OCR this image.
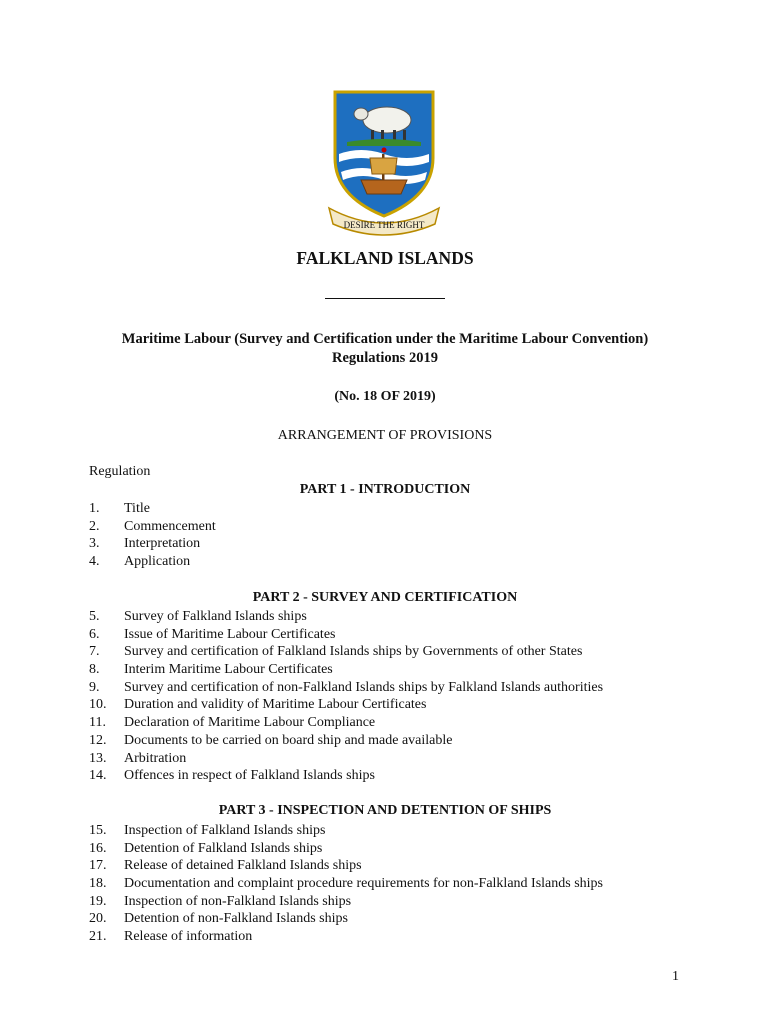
DESIRE THE RIGHT
FALKLAND ISLANDS
Maritime Labour (Survey and Certification under the Maritime Labour Convention)
Regulations 2019
(No. 18 OF 2019)
ARRANGEMENT OF PROVISIONS
Regulation
PART 1 - INTRODUCTION
1. Title
2. Commencement
3. Interpretation
4. Application
PART 2 - SURVEY AND CERTIFICATION
5. Survey of Falkland Islands ships
6. Issue of Maritime Labour Certificates
7. Survey and certification of Falkland Islands ships by Governments of other States
8. Interim Maritime Labour Certificates
9. Survey and certification of non-Falkland Islands ships by Falkland Islands authorities
10. Duration and validity of Maritime Labour Certificates
11. Declaration of Maritime Labour Compliance
12. Documents to be carried on board ship and made available
13. Arbitration
14. Offences in respect of Falkland Islands ships
PART 3 - INSPECTION AND DETENTION OF SHIPS
15. Inspection of Falkland Islands ships
16. Detention of Falkland Islands ships
17. Release of detained Falkland Islands ships
18. Documentation and complaint procedure requirements for non-Falkland Islands ships
19. Inspection of non-Falkland Islands ships
20. Detention of non-Falkland Islands ships
21. Release of information
1
